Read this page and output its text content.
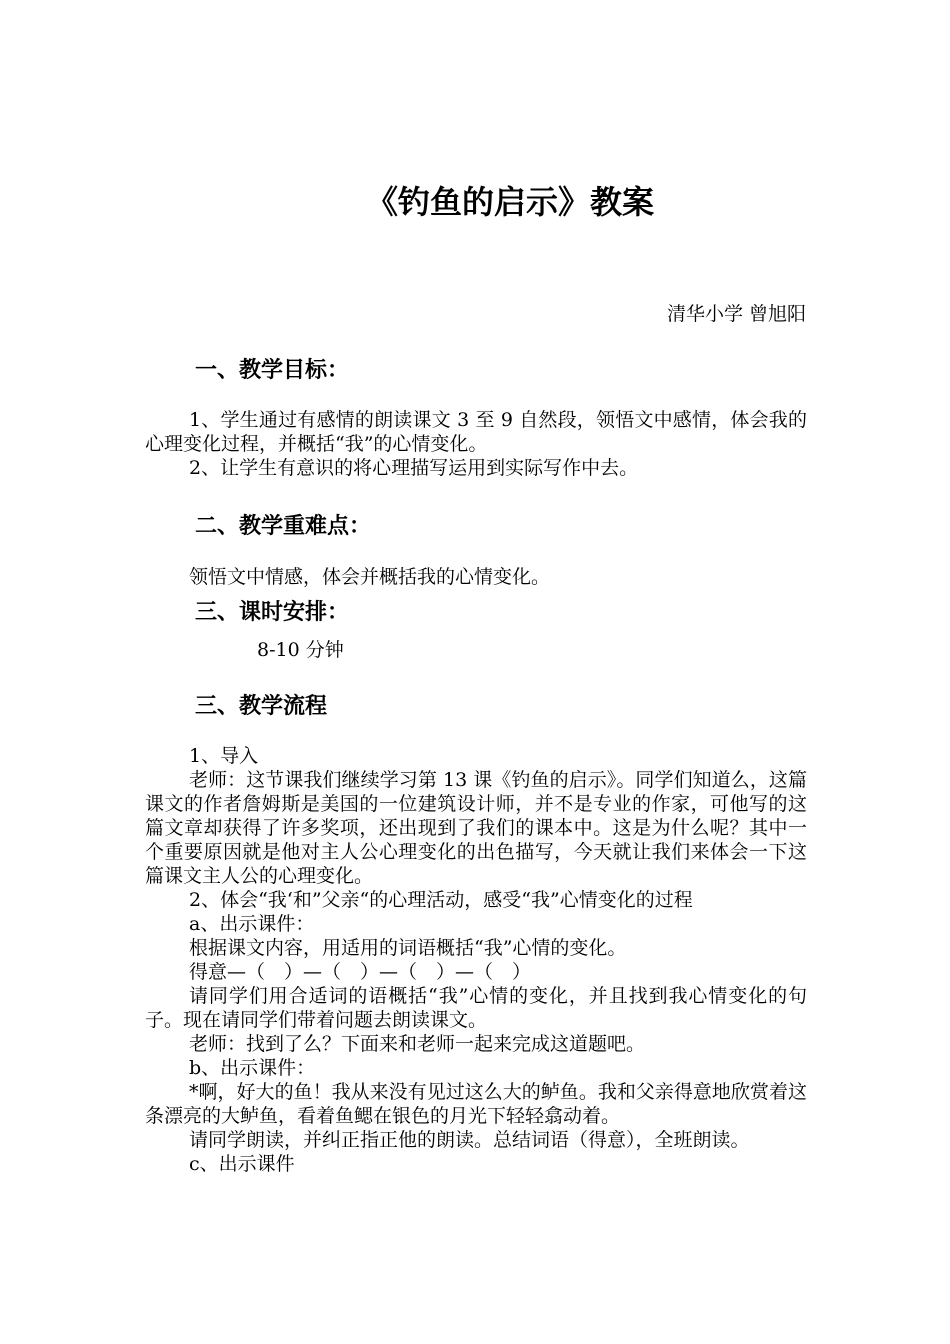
《钓鱼的启示》教案
清华小学 曾旭阳
一、教学目标：

1、学生通过有感情的朗读课文 3 至 9 自然段，领悟文中感情，体会我的心理变化过程，并概括“我”的心情变化。

2、让学生有意识的将心理描写运用到实际写作中去。

二、教学重难点：
领悟文中情感，体会并概括我的心情变化。
三、课时安排：
8-10 分钟
三、教学流程

1、导入

老师：这节课我们继续学习第 13 课《钓鱼的启示》。同学们知道么，这篇课文的作者詹姆斯是美国的一位建筑设计师，并不是专业的作家，可他写的这篇文章却获得了许多奖项，还出现到了我们的课本中。这是为什么呢？其中一个重要原因就是他对主人公心理变化的出色描写，今天就让我们来体会一下这篇课文主人公的心理变化。

2、体会“我‘和”父亲“的心理活动，感受“我”心情变化的过程

a、出示课件：

根据课文内容，用适用的词语概括“我”心情的变化。

得意—（　）—（　）—（　）—（　）

请同学们用合适词的语概括“我”心情的变化，并且找到我心情变化的句子。现在请同学们带着问题去朗读课文。

老师：找到了么？下面来和老师一起来完成这道题吧。

b、出示课件：

*啊，好大的鱼！我从来没有见过这么大的鲈鱼。我和父亲得意地欣赏着这条漂亮的大鲈鱼，看着鱼鳃在银色的月光下轻轻翕动着。

请同学朗读，并纠正指正他的朗读。总结词语（得意），全班朗读。

c、出示课件
